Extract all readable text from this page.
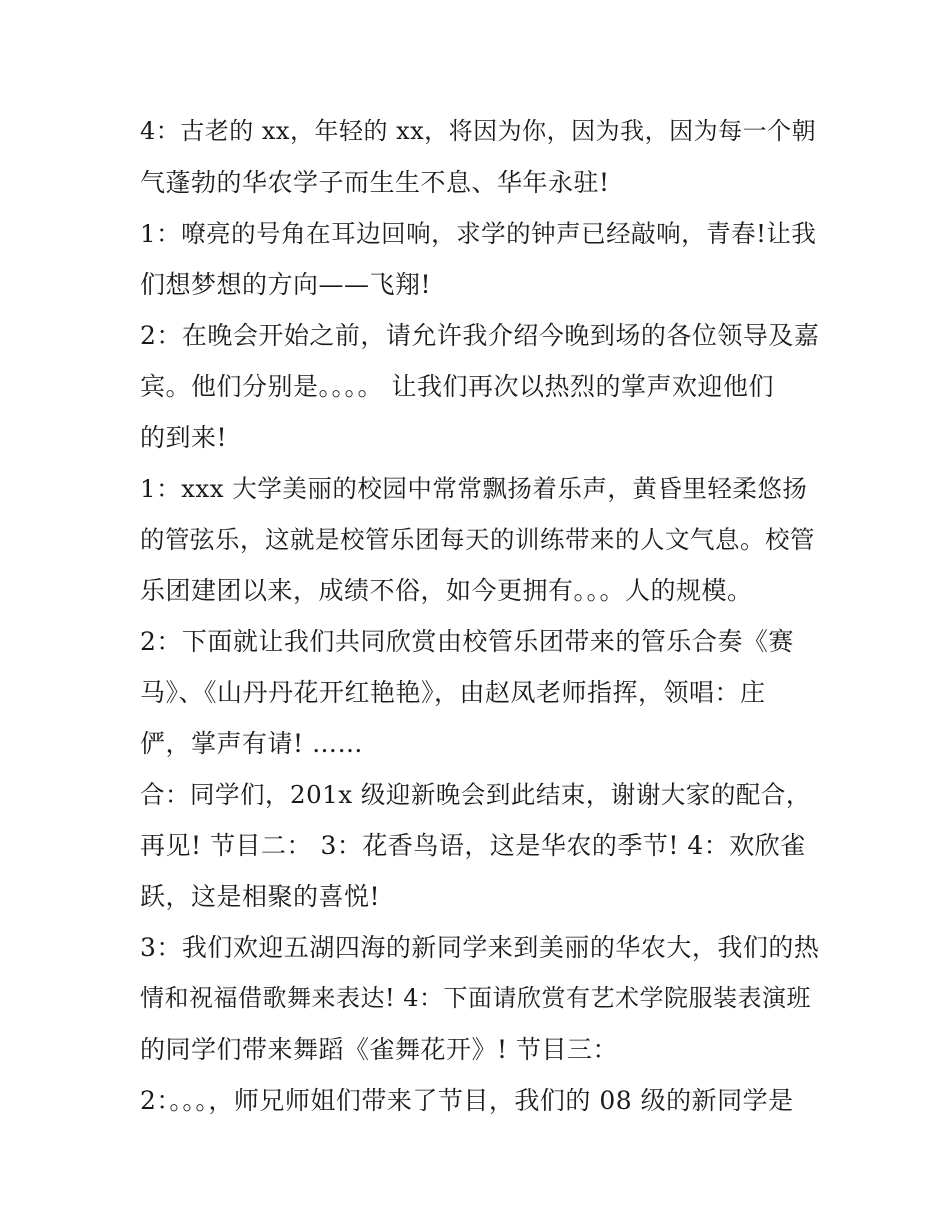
4：古老的 xx，年轻的 xx，将因为你，因为我，因为每一个朝
气蓬勃的华农学子而生生不息、华年永驻!
1：嘹亮的号角在耳边回响，求学的钟声已经敲响，青春!让我
们想梦想的方向——飞翔!
2：在晚会开始之前，请允许我介绍今晚到场的各位领导及嘉
宾。他们分别是。。。。 让我们再次以热烈的掌声欢迎他们
的到来!
1：xxx 大学美丽的校园中常常飘扬着乐声，黄昏里轻柔悠扬
的管弦乐，这就是校管乐团每天的训练带来的人文气息。校管
乐团建团以来，成绩不俗，如今更拥有。。。人的规模。
2：下面就让我们共同欣赏由校管乐团带来的管乐合奏《赛
马》、《山丹丹花开红艳艳》，由赵凤老师指挥，领唱：庄
俨，掌声有请! ……
合：同学们，201x 级迎新晚会到此结束，谢谢大家的配合，
再见! 节目二： 3：花香鸟语，这是华农的季节! 4：欢欣雀
跃，这是相聚的喜悦!
3：我们欢迎五湖四海的新同学来到美丽的华农大，我们的热
情和祝福借歌舞来表达! 4：下面请欣赏有艺术学院服装表演班
的同学们带来舞蹈《雀舞花开》! 节目三：
2：。。。，师兄师姐们带来了节目，我们的 08 级的新同学是
